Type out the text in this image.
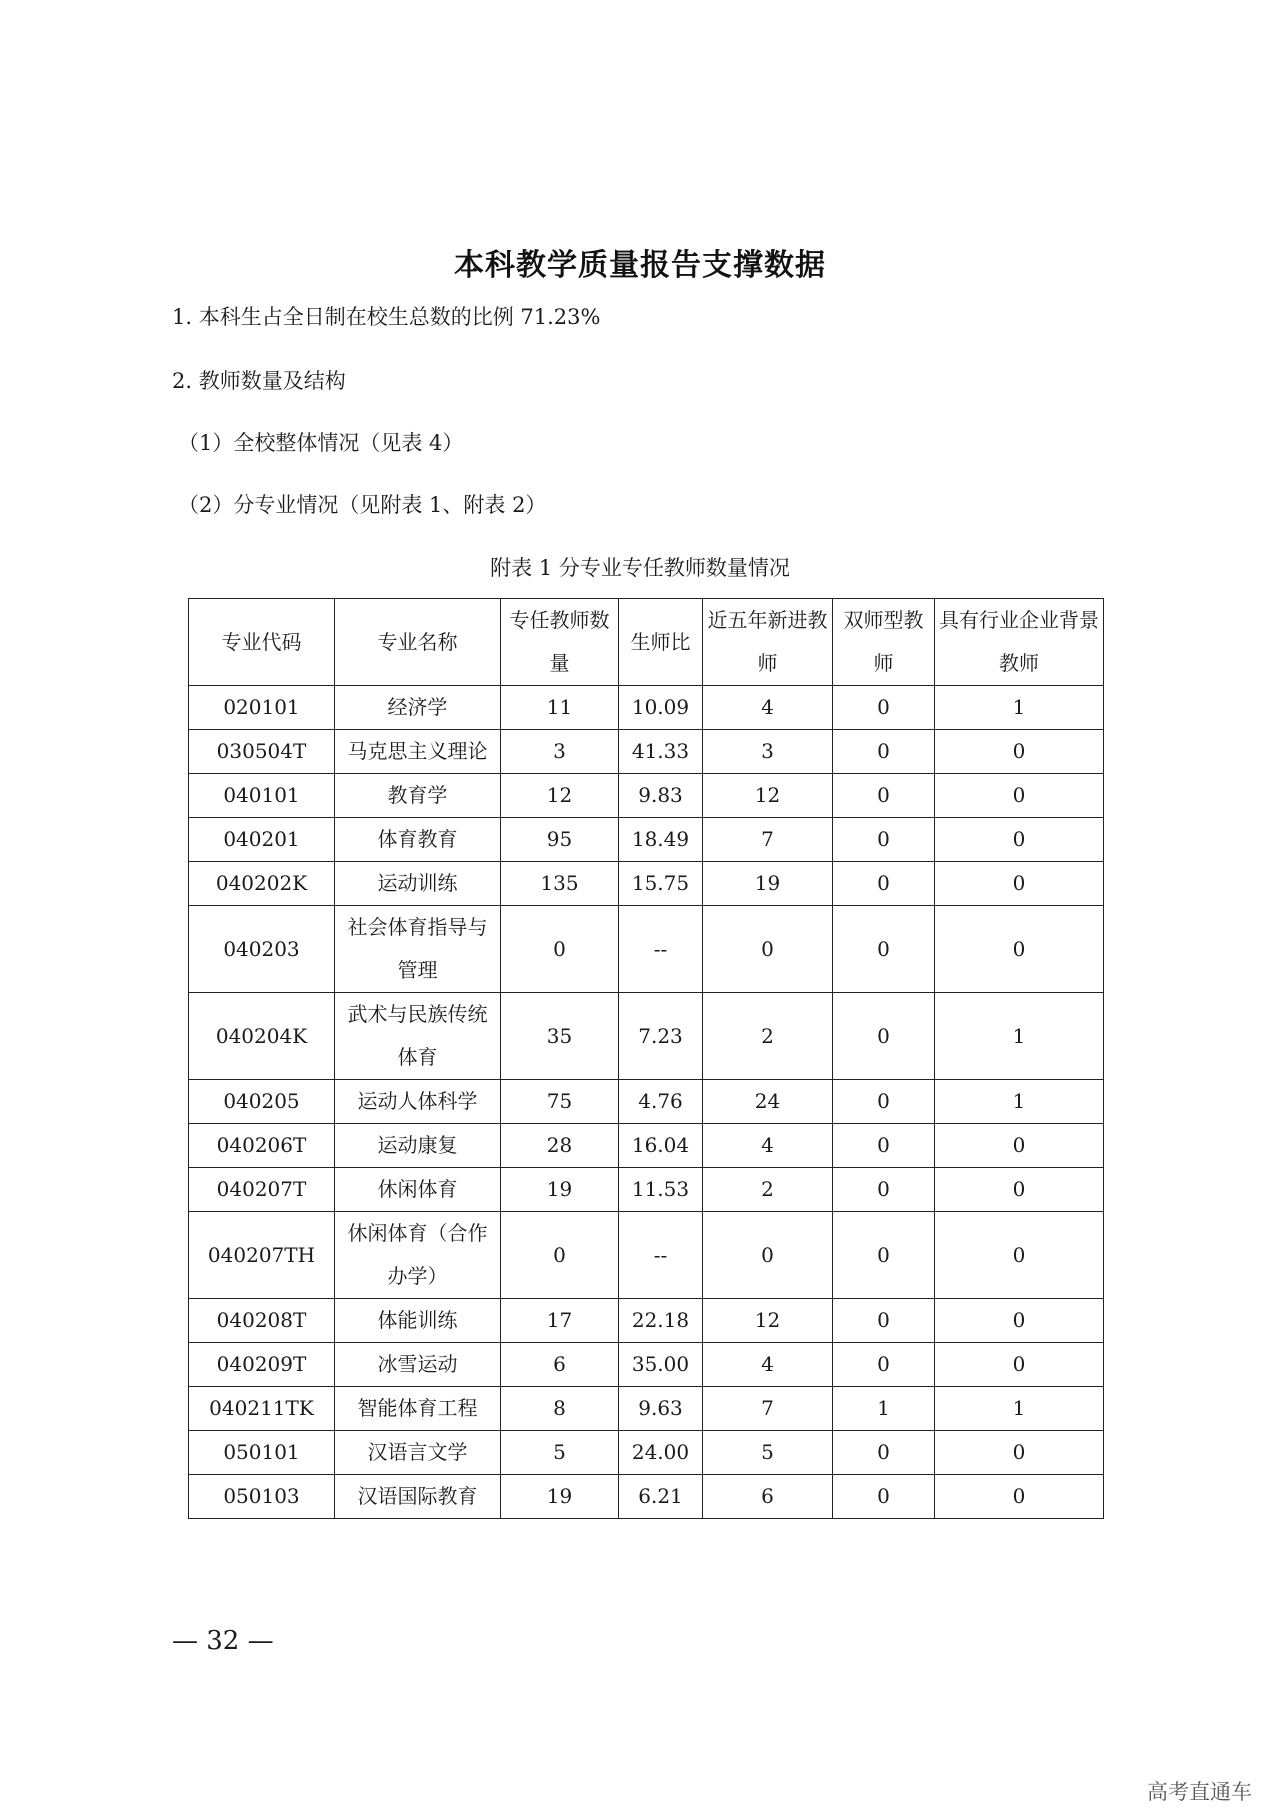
本科教学质量报告支撑数据
1. 本科生占全日制在校生总数的比例 71.23%
2. 教师数量及结构
（1）全校整体情况（见表 4）
（2）分专业情况（见附表 1、附表 2）
附表 1 分专业专任教师数量情况
专业代码	专业名称	专任教师数量	生师比	近五年新进教师	双师型教师	具有行业企业背景教师
020101	经济学	11	10.09	4	0	1
030504T	马克思主义理论	3	41.33	3	0	0
040101	教育学	12	9.83	12	0	0
040201	体育教育	95	18.49	7	0	0
040202K	运动训练	135	15.75	19	0	0
040203	社会体育指导与管理	0	--	0	0	0
040204K	武术与民族传统体育	35	7.23	2	0	1
040205	运动人体科学	75	4.76	24	0	1
040206T	运动康复	28	16.04	4	0	0
040207T	休闲体育	19	11.53	2	0	0
040207TH	休闲体育（合作办学）	0	--	0	0	0
040208T	体能训练	17	22.18	12	0	0
040209T	冰雪运动	6	35.00	4	0	0
040211TK	智能体育工程	8	9.63	7	1	1
050101	汉语言文学	5	24.00	5	0	0
050103	汉语国际教育	19	6.21	6	0	0
— 32 —
高考直通车
